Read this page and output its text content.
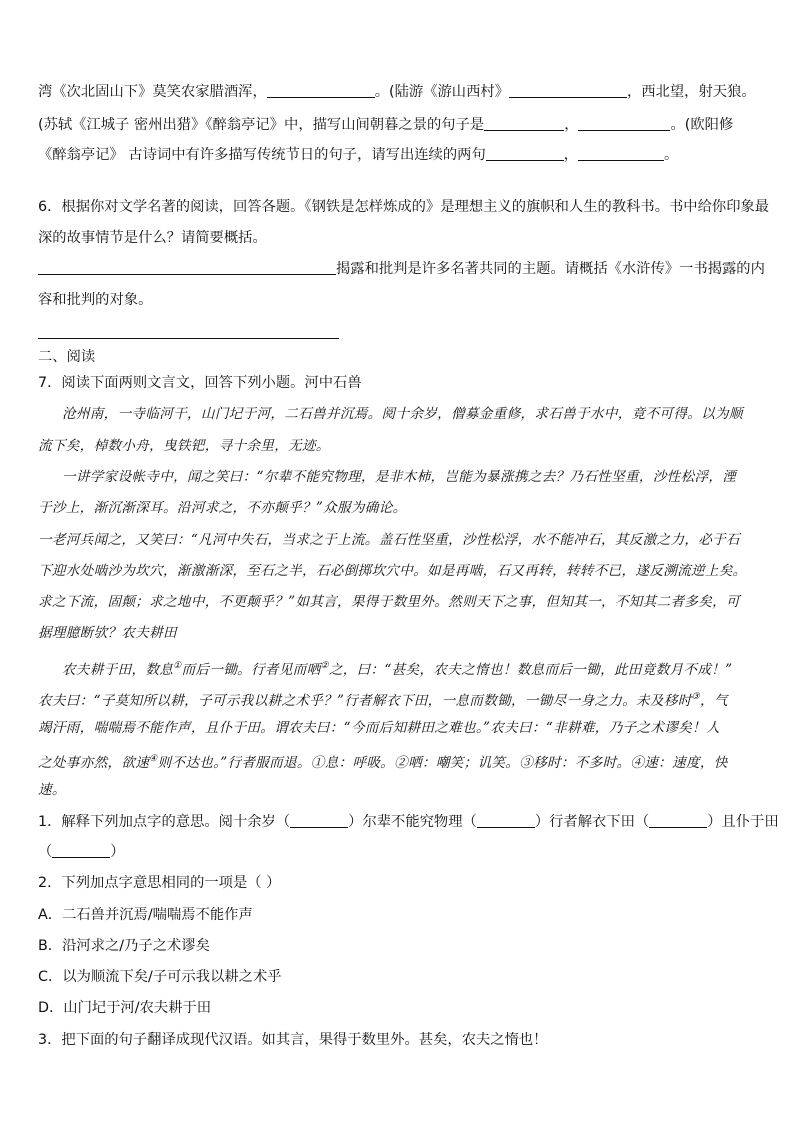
湾《次北固山下》莫笑农家腊酒浑，	。(陆游《游山西村》	，西北望，射天狼。
(苏轼《江城子 密州出猎》《醉翁亭记》中，描写山间朝暮之景的句子是	，	。(欧阳修
《醉翁亭记》 古诗词中有许多描写传统节日的句子，请写出连续的两句	，	。
6．根据你对文学名著的阅读，回答各题。《钢铁是怎样炼成的》是理想主义的旗帜和人生的教科书。书中给你印象最
深的故事情节是什么？请简要概括。
揭露和批判是许多名著共同的主题。请概括《水浒传》一书揭露的内
容和批判的对象。
二、阅读
7．阅读下面两则文言文，回答下列小题。河中石兽
沧州南，一寺临河干，山门圮于河，二石兽并沉焉。阅十余岁，僧募金重修，求石兽于水中，竟不可得。以为顺
流下矣，棹数小舟，曳铁钯，寻十余里，无迹。
一讲学家设帐寺中，闻之笑曰：“尔辈不能究物理，是非木柿，岂能为暴涨携之去？乃石性坚重，沙性松浮，湮
于沙上，渐沉渐深耳。沿河求之，不亦颠乎？”众服为确论。
一老河兵闻之，又笑曰：“凡河中失石，当求之于上流。盖石性坚重，沙性松浮，水不能冲石，其反激之力，必于石
下迎水处啮沙为坎穴，渐激渐深，至石之半，石必倒掷坎穴中。如是再啮，石又再转，转转不已，遂反溯流逆上矣。
求之下流，固颠；求之地中，不更颠乎？”如其言，果得于数里外。然则天下之事，但知其一，不知其二者多矣，可
据理臆断欤？农夫耕田
农夫耕于田，数息①而后一锄。行者见而哂②之，曰：“甚矣，农夫之惰也！数息而后一锄，此田竟数月不成！”
农夫曰：“子莫知所以耕，子可示我以耕之术乎？”行者解衣下田，一息而数锄，一锄尽一身之力。未及移时③，气
竭汗雨，喘喘焉不能作声，且仆于田。谓农夫曰：“今而后知耕田之难也。”农夫曰：“非耕难，乃子之术谬矣！人
之处事亦然，欲速④则不达也。”行者服而退。①息：呼吸。②哂：嘲笑；讥笑。③移时：不多时。④速：速度，快
速。
1．解释下列加点字的意思。阅十余岁（	）尔辈不能究物理（	）行者解衣下田（	）且仆于田
（	）
2．下列加点字意思相同的一项是（ ）
A．二石兽并沉焉/喘喘焉不能作声
B．沿河求之/乃子之术谬矣
C．以为顺流下矣/子可示我以耕之术乎
D．山门圮于河/农夫耕于田
3．把下面的句子翻译成现代汉语。如其言，果得于数里外。甚矣，农夫之惰也！
